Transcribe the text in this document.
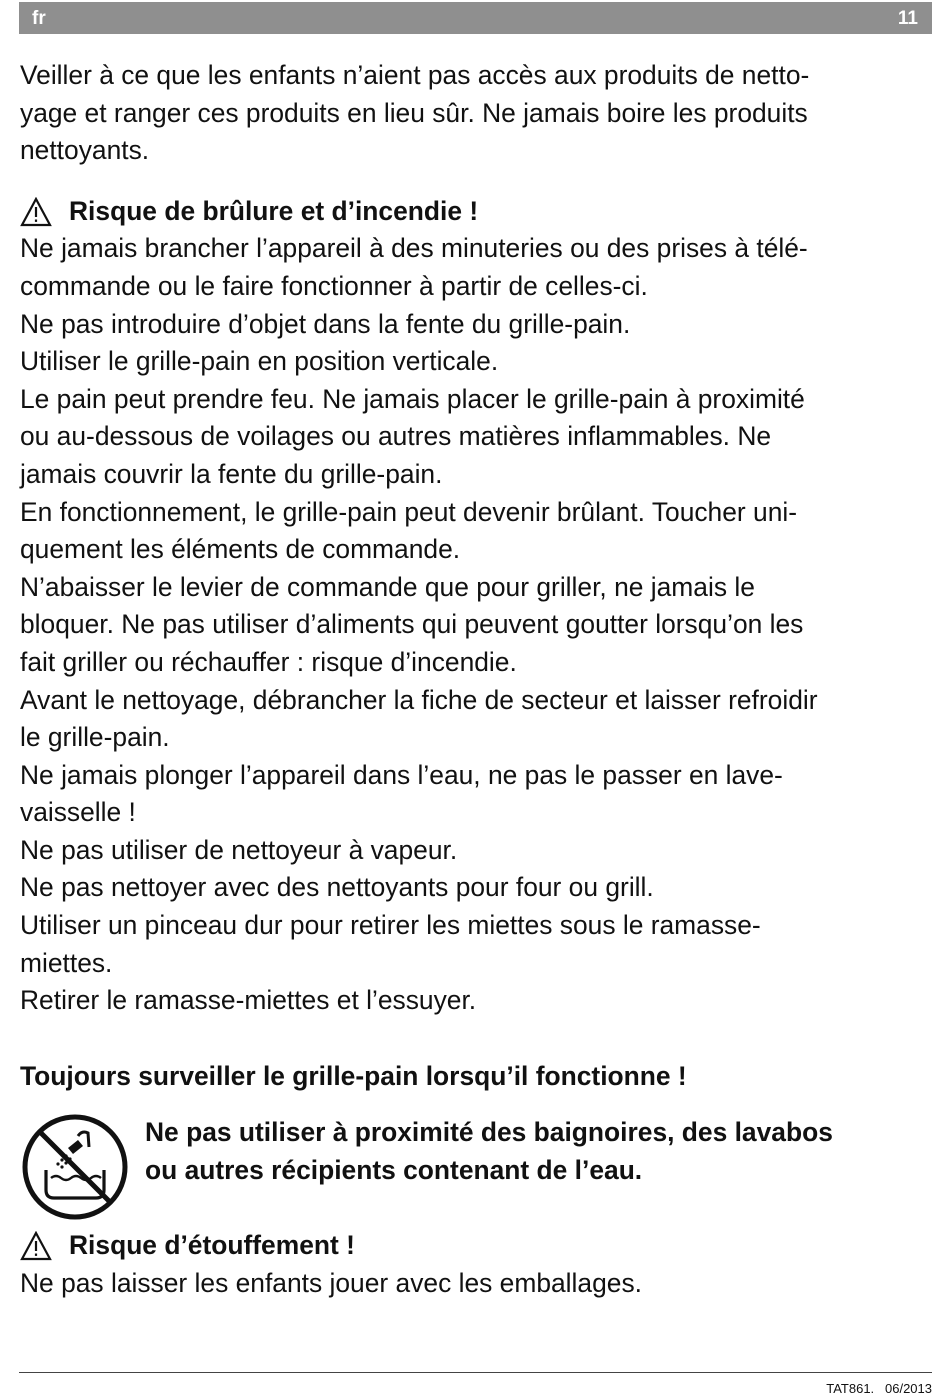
fr	11
Veiller à ce que les enfants n’aient pas accès aux produits de netto-
yage et ranger ces produits en lieu sûr. Ne jamais boire les produits
nettoyants.
Risque de brûlure et d’incendie !
Ne jamais brancher l’appareil à des minuteries ou des prises à télé-
commande ou le faire fonctionner à partir de celles-ci.
Ne pas introduire d’objet dans la fente du grille-pain.
Utiliser le grille-pain en position verticale.
Le pain peut prendre feu. Ne jamais placer le grille-pain à proximité
ou au-dessous de voilages ou autres matières inflammables. Ne
jamais couvrir la fente du grille-pain.
En fonctionnement, le grille-pain peut devenir brûlant. Toucher uni-
quement les éléments de commande.
N’abaisser le levier de commande que pour griller, ne jamais le
bloquer. Ne pas utiliser d’aliments qui peuvent goutter lorsqu’on les
fait griller ou réchauffer : risque d’incendie.
Avant le nettoyage, débrancher la fiche de secteur et laisser refroidir
le grille-pain.
Ne jamais plonger l’appareil dans l’eau, ne pas le passer en lave-
vaisselle !
Ne pas utiliser de nettoyeur à vapeur.
Ne pas nettoyer avec des nettoyants pour four ou grill.
Utiliser un pinceau dur pour retirer les miettes sous le ramasse-
miettes.
Retirer le ramasse-miettes et l’essuyer.
Toujours surveiller le grille-pain lorsqu’il fonctionne !
Ne pas utiliser à proximité des baignoires, des lavabos
ou autres récipients contenant de l’eau.
Risque d’étouffement !
Ne pas laisser les enfants jouer avec les emballages.
TAT861.   06/2013
